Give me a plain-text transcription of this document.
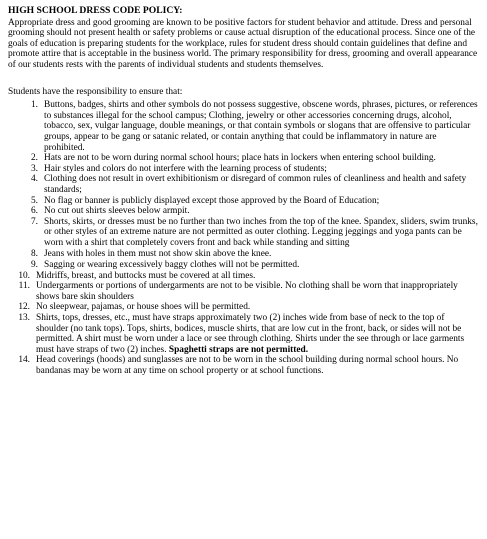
HIGH SCHOOL DRESS CODE POLICY:

Appropriate dress and good grooming are known to be positive factors for student behavior and attitude. Dress and personal grooming should not present health or safety problems or cause actual disruption of the educational process. Since one of the goals of education is preparing students for the workplace, rules for student dress should contain guidelines that define and promote attire that is acceptable in the business world. The primary responsibility for dress, grooming and overall appearance of our students rests with the parents of individual students and students themselves.

Students have the responsibility to ensure that:

1. Buttons, badges, shirts and other symbols do not possess suggestive, obscene words, phrases, pictures, or references to substances illegal for the school campus; Clothing, jewelry or other accessories concerning drugs, alcohol, tobacco, sex, vulgar language, double meanings, or that contain symbols or slogans that are offensive to particular groups, appear to be gang or satanic related, or contain anything that could be inflammatory in nature are prohibited.
2. Hats are not to be worn during normal school hours; place hats in lockers when entering school building.
3. Hair styles and colors do not interfere with the learning process of students;
4. Clothing does not result in overt exhibitionism or disregard of common rules of cleanliness and health and safety standards;
5. No flag or banner is publicly displayed except those approved by the Board of Education;
6. No cut out shirts sleeves below armpit.
7. Shorts, skirts, or dresses must be no further than two inches from the top of the knee. Spandex, sliders, swim trunks, or other styles of an extreme nature are not permitted as outer clothing. Legging jeggings and yoga pants can be worn with a shirt that completely covers front and back while standing and sitting
8. Jeans with holes in them must not show skin above the knee.
9. Sagging or wearing excessively baggy clothes will not be permitted.
10. Midriffs, breast, and buttocks must be covered at all times.
11. Undergarments or portions of undergarments are not to be visible. No clothing shall be worn that inappropriately shows bare skin shoulders
12. No sleepwear, pajamas, or house shoes will be permitted.
13. Shirts, tops, dresses, etc., must have straps approximately two (2) inches wide from base of neck to the top of shoulder (no tank tops). Tops, shirts, bodices, muscle shirts, that are low cut in the front, back, or sides will not be permitted. A shirt must be worn under a lace or see through clothing. Shirts under the see through or lace garments must have straps of two (2) inches. Spaghetti straps are not permitted.
14. Head coverings (hoods) and sunglasses are not to be worn in the school building during normal school hours. No bandanas may be worn at any time on school property or at school functions.
